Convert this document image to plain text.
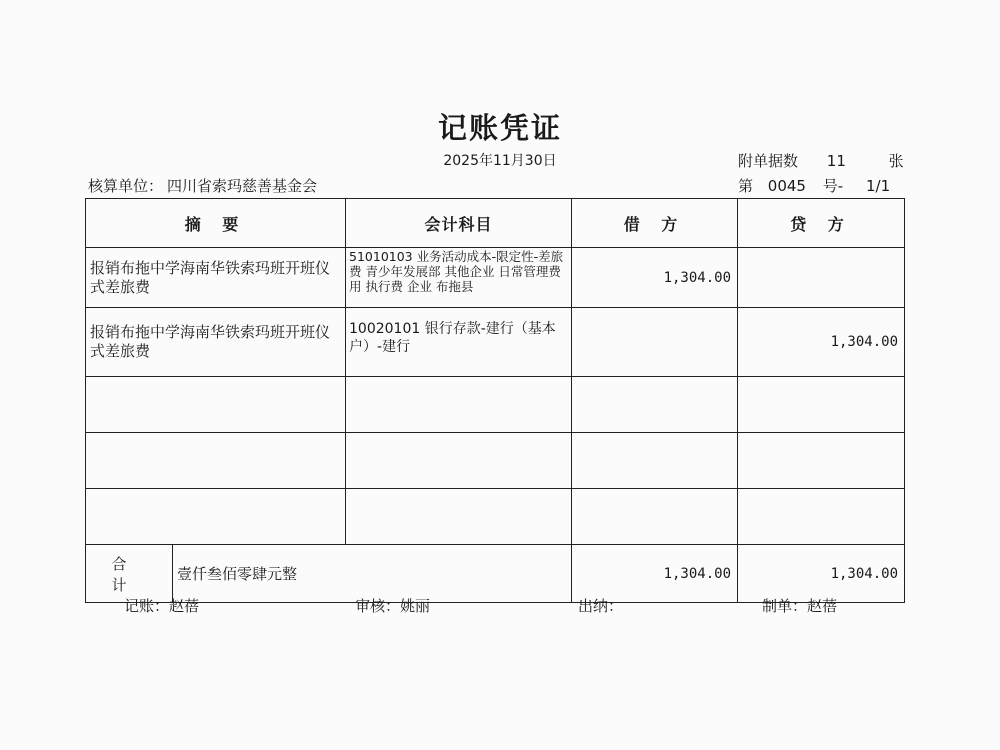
记账凭证
2025年11月30日	附单据数 11	张
核算单位： 四川省索玛慈善基金会	第 0045 号- 1/1
摘 要		会计科目	借 方	贷 方
报销布拖中学海南华铁索玛班开班仪式差旅费		51010103 业务活动成本-限定性-差旅费 青少年发展部 其他企业 日常管理费用 执行费 企业 布拖县	1,304.00	
报销布拖中学海南华铁索玛班开班仪式差旅费		10020101 银行存款-建行（基本户）-建行		1,304.00

合 计	壹仟叁佰零肆元整		1,304.00	1,304.00
记账：赵蓓	审核：姚丽	出纳：	制单：赵蓓
